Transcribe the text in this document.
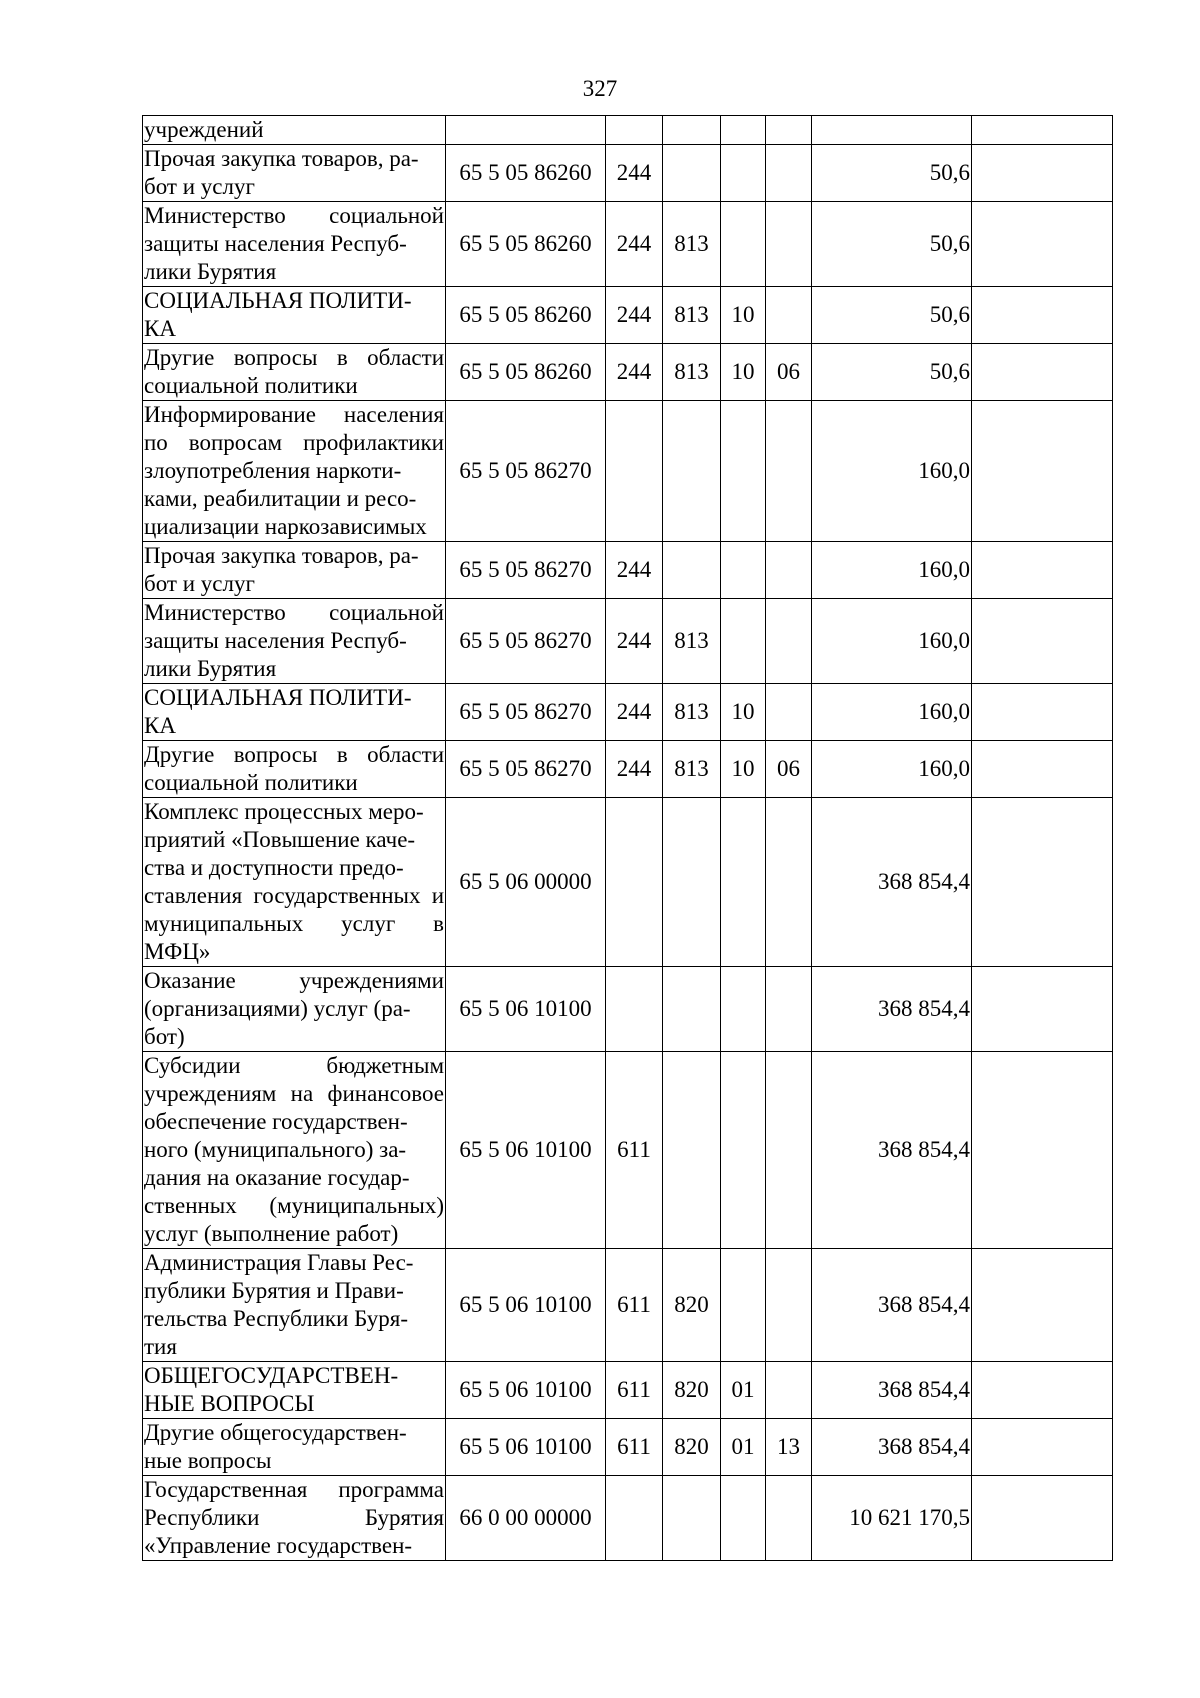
327
учреждений							
Прочая закупка товаров, ра-
бот и услуг	65 5 05 86260	244				50,6	
Министерство социальной защиты населения Респуб-
лики Бурятия	65 5 05 86260	244	813			50,6	
СОЦИАЛЬНАЯ ПОЛИТИ-
КА	65 5 05 86260	244	813	10		50,6	
Другие вопросы в области социальной политики	65 5 05 86260	244	813	10	06	50,6	
Информирование населения по вопросам профилактики злоупотребления наркоти-
ками, реабилитации и ресо-
циализации наркозависимых	65 5 05 86270					160,0	
Прочая закупка товаров, ра-
бот и услуг	65 5 05 86270	244				160,0	
Министерство социальной защиты населения Респуб-
лики Бурятия	65 5 05 86270	244	813			160,0	
СОЦИАЛЬНАЯ ПОЛИТИ-
КА	65 5 05 86270	244	813	10		160,0	
Другие вопросы в области социальной политики	65 5 05 86270	244	813	10	06	160,0	
Комплекс процессных меро-
приятий «Повышение каче-
ства и доступности предо-
ставления государственных и муниципальных услуг в МФЦ»	65 5 06 00000					368 854,4	
Оказание учреждениями (организациями) услуг (ра-
бот)	65 5 06 10100					368 854,4	
Субсидии бюджетным учреждениям на финансовое обеспечение государствен-
ного (муниципального) за-
дания на оказание государ-
ственных (муниципальных) услуг (выполнение работ)	65 5 06 10100	611				368 854,4	
Администрация Главы Рес-
публики Бурятия и Прави-
тельства Республики Буря-
тия	65 5 06 10100	611	820			368 854,4	
ОБЩЕГОСУДАРСТВЕН-
НЫЕ ВОПРОСЫ	65 5 06 10100	611	820	01		368 854,4	
Другие общегосударствен-
ные вопросы	65 5 06 10100	611	820	01	13	368 854,4	
Государственная программа Республики Бурятия «Управление государствен-	66 0 00 00000					10 621 170,5	
